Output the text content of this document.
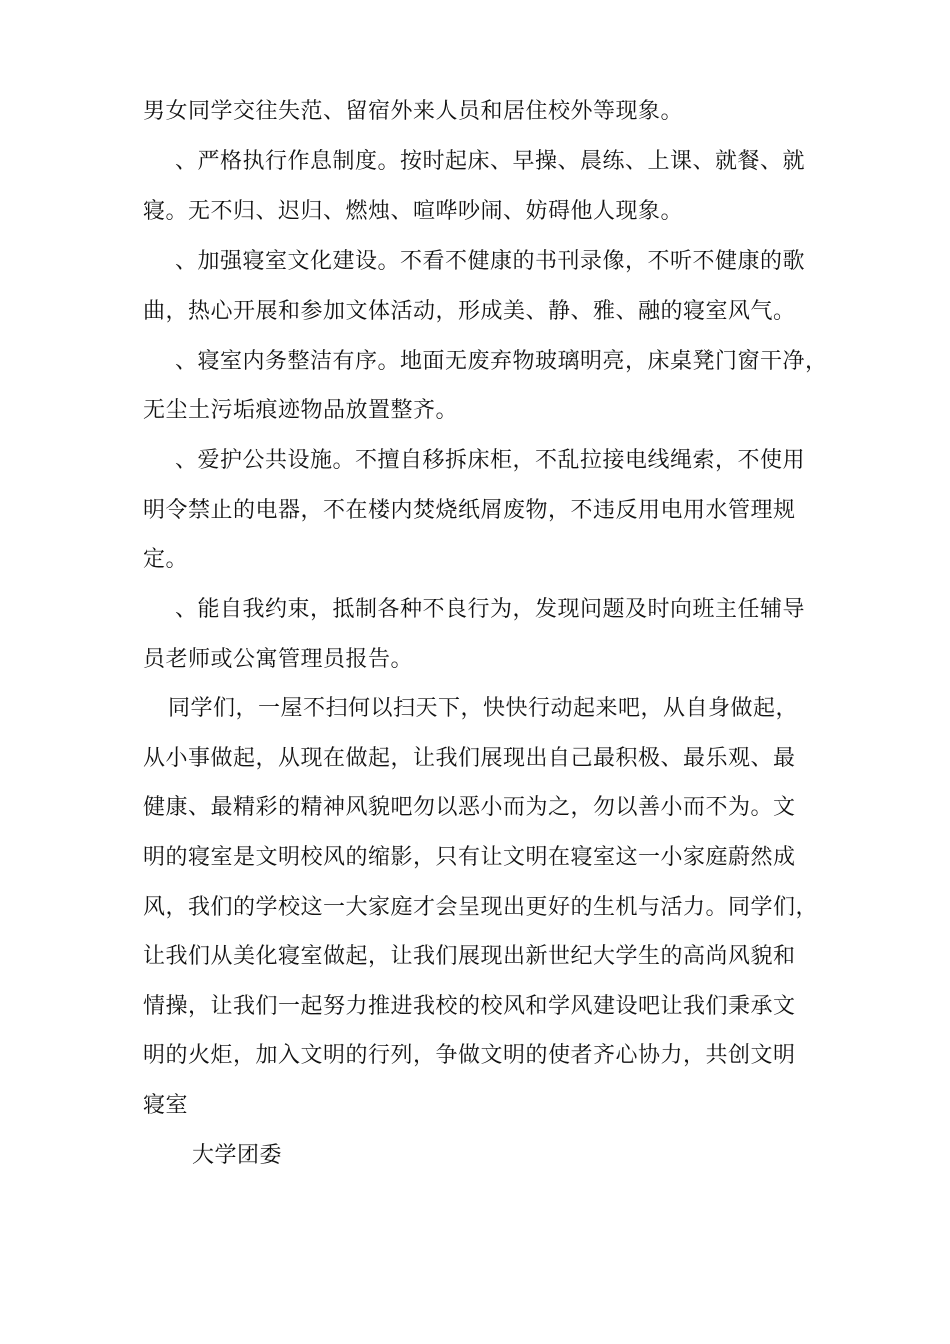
男女同学交往失范、留宿外来人员和居住校外等现象。
、严格执行作息制度。按时起床、早操、晨练、上课、就餐、就
寝。无不归、迟归、燃烛、喧哗吵闹、妨碍他人现象。
、加强寝室文化建设。不看不健康的书刊录像，不听不健康的歌
曲，热心开展和参加文体活动，形成美、静、雅、融的寝室风气。
、寝室内务整洁有序。地面无废弃物玻璃明亮，床桌凳门窗干净，
无尘土污垢痕迹物品放置整齐。
、爱护公共设施。不擅自移拆床柜，不乱拉接电线绳索，不使用
明令禁止的电器，不在楼内焚烧纸屑废物，不违反用电用水管理规
定。
、能自我约束，抵制各种不良行为，发现问题及时向班主任辅导
员老师或公寓管理员报告。
同学们，一屋不扫何以扫天下，快快行动起来吧，从自身做起，
从小事做起，从现在做起，让我们展现出自己最积极、最乐观、最
健康、最精彩的精神风貌吧勿以恶小而为之，勿以善小而不为。文
明的寝室是文明校风的缩影，只有让文明在寝室这一小家庭蔚然成
风，我们的学校这一大家庭才会呈现出更好的生机与活力。同学们，
让我们从美化寝室做起，让我们展现出新世纪大学生的高尚风貌和
情操，让我们一起努力推进我校的校风和学风建设吧让我们秉承文
明的火炬，加入文明的行列，争做文明的使者齐心协力，共创文明
寝室
大学团委
